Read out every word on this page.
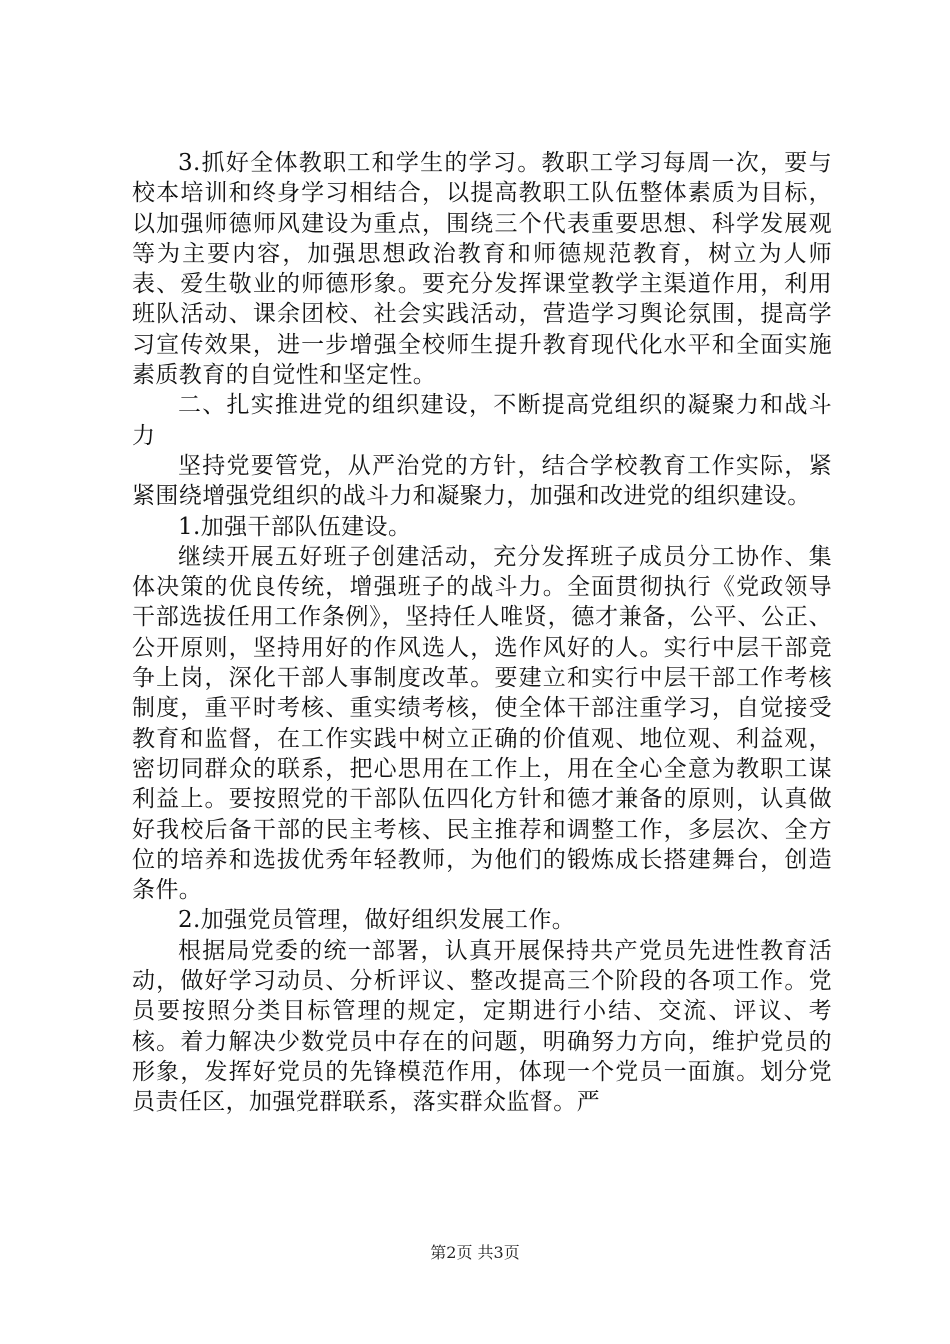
3.抓好全体教职工和学生的学习。教职工学习每周一次，要与校本培训和终身学习相结合，以提高教职工队伍整体素质为目标，以加强师德师风建设为重点，围绕三个代表重要思想、科学发展观等为主要内容，加强思想政治教育和师德规范教育，树立为人师表、爱生敬业的师德形象。要充分发挥课堂教学主渠道作用，利用班队活动、课余团校、社会实践活动，营造学习舆论氛围，提高学习宣传效果，进一步增强全校师生提升教育现代化水平和全面实施素质教育的自觉性和坚定性。

二、扎实推进党的组织建设，不断提高党组织的凝聚力和战斗力

坚持党要管党，从严治党的方针，结合学校教育工作实际，紧紧围绕增强党组织的战斗力和凝聚力，加强和改进党的组织建设。

1.加强干部队伍建设。

继续开展五好班子创建活动，充分发挥班子成员分工协作、集体决策的优良传统，增强班子的战斗力。全面贯彻执行《党政领导干部选拔任用工作条例》，坚持任人唯贤，德才兼备，公平、公正、公开原则，坚持用好的作风选人，选作风好的人。实行中层干部竞争上岗，深化干部人事制度改革。要建立和实行中层干部工作考核制度，重平时考核、重实绩考核，使全体干部注重学习，自觉接受教育和监督，在工作实践中树立正确的价值观、地位观、利益观，密切同群众的联系，把心思用在工作上，用在全心全意为教职工谋利益上。要按照党的干部队伍四化方针和德才兼备的原则，认真做好我校后备干部的民主考核、民主推荐和调整工作，多层次、全方位的培养和选拔优秀年轻教师，为他们的锻炼成长搭建舞台，创造条件。

2.加强党员管理，做好组织发展工作。

根据局党委的统一部署，认真开展保持共产党员先进性教育活动，做好学习动员、分析评议、整改提高三个阶段的各项工作。党员要按照分类目标管理的规定，定期进行小结、交流、评议、考核。着力解决少数党员中存在的问题，明确努力方向，维护党员的形象，发挥好党员的先锋模范作用，体现一个党员一面旗。划分党员责任区，加强党群联系，落实群众监督。严

第2页 共3页
